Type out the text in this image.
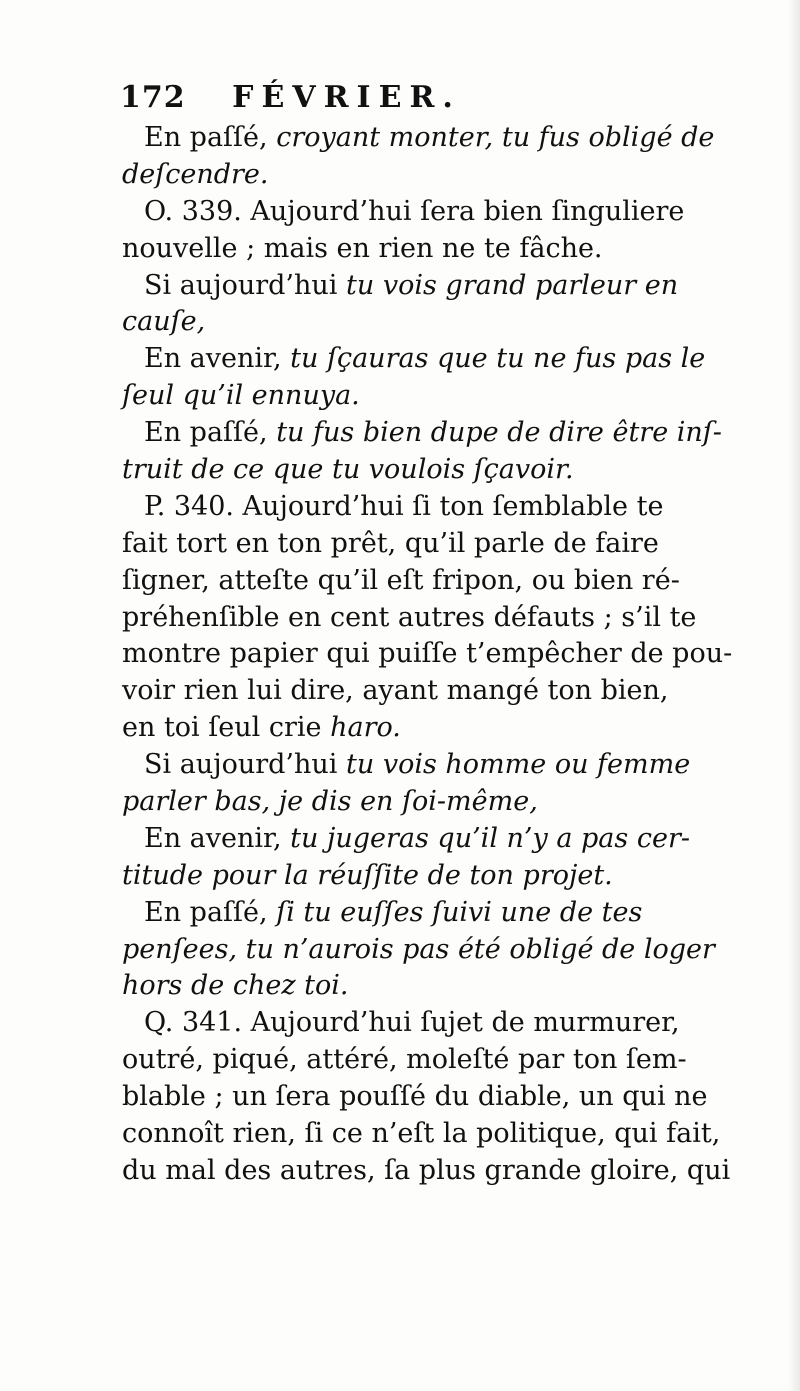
172 FÉVRIER.
En paſſé, croyant monter, tu fus obligé de
deſcendre.
O. 339. Aujourd’hui ſera bien ſinguliere
nouvelle ; mais en rien ne te fâche.
Si aujourd’hui tu vois grand parleur en
cauſe,
En avenir, tu ſçauras que tu ne fus pas le
ſeul qu’il ennuya.
En paſſé, tu fus bien dupe de dire être inſ-
truit de ce que tu voulois ſçavoir.
P. 340. Aujourd’hui ſi ton ſemblable te
fait tort en ton prêt, qu’il parle de faire
ſigner, atteſte qu’il eſt fripon, ou bien ré-
préhenſible en cent autres défauts ; s’il te
montre papier qui puiſſe t’empêcher de pou-
voir rien lui dire, ayant mangé ton bien,
en toi ſeul crie haro.
Si aujourd’hui tu vois homme ou femme
parler bas, je dis en ſoi-même,
En avenir, tu jugeras qu’il n’y a pas cer-
titude pour la réuſſite de ton projet.
En paſſé, ſi tu euſſes ſuivi une de tes
penſees, tu n’aurois pas été obligé de loger
hors de chez toi.
Q. 341. Aujourd’hui ſujet de murmurer,
outré, piqué, attéré, moleſté par ton ſem-
blable ; un ſera pouſſé du diable, un qui ne
connoît rien, ſi ce n’eſt la politique, qui fait,
du mal des autres, ſa plus grande gloire, qui
